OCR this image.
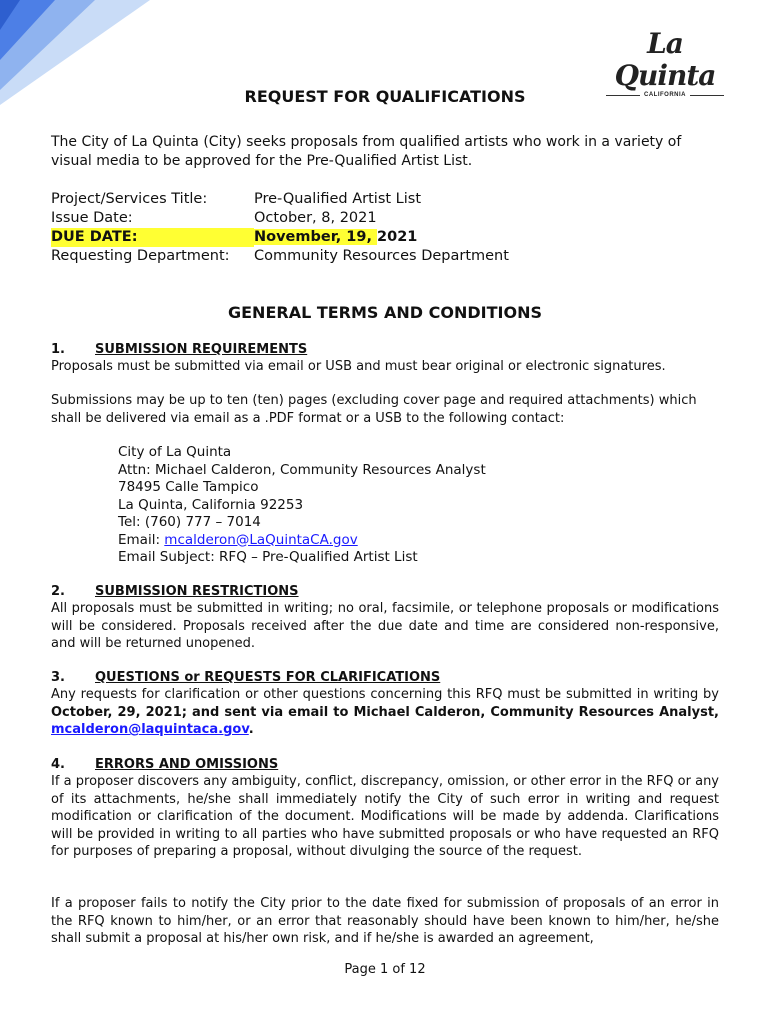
La Quinta
CALIFORNIA
REQUEST FOR QUALIFICATIONS

The City of La Quinta (City) seeks proposals from qualified artists who work in a variety of visual media to be approved for the Pre-Qualified Artist List.

Project/Services Title:	Pre-Qualified Artist List
Issue Date:	October, 8, 2021
DUE DATE:	November, 19, 2021
Requesting Department:	Community Resources Department
GENERAL TERMS AND CONDITIONS
1.	SUBMISSION REQUIREMENTS

Proposals must be submitted via email or USB and must bear original or electronic signatures.

Submissions may be up to ten (ten) pages (excluding cover page and required attachments) which shall be delivered via email as a .PDF format or a USB to the following contact:

City of La Quinta
Attn: Michael Calderon, Community Resources Analyst
78495 Calle Tampico
La Quinta, California 92253
Tel: (760) 777 – 7014
Email: mcalderon@LaQuintaCA.gov
Email Subject: RFQ – Pre-Qualified Artist List
2.	SUBMISSION RESTRICTIONS

All proposals must be submitted in writing; no oral, facsimile, or telephone proposals or modifications will be considered. Proposals received after the due date and time are considered non-responsive, and will be returned unopened.

3.	QUESTIONS or REQUESTS FOR CLARIFICATIONS

Any requests for clarification or other questions concerning this RFQ must be submitted in writing by October, 29, 2021; and sent via email to Michael Calderon, Community Resources Analyst, mcalderon@laquintaca.gov.

4.	ERRORS AND OMISSIONS

If a proposer discovers any ambiguity, conflict, discrepancy, omission, or other error in the RFQ or any of its attachments, he/she shall immediately notify the City of such error in writing and request modification or clarification of the document. Modifications will be made by addenda. Clarifications will be provided in writing to all parties who have submitted proposals or who have requested an RFQ for purposes of preparing a proposal, without divulging the source of the request.

If a proposer fails to notify the City prior to the date fixed for submission of proposals of an error in the RFQ known to him/her, or an error that reasonably should have been known to him/her, he/she shall submit a proposal at his/her own risk, and if he/she is awarded an agreement,

Page 1 of 12
